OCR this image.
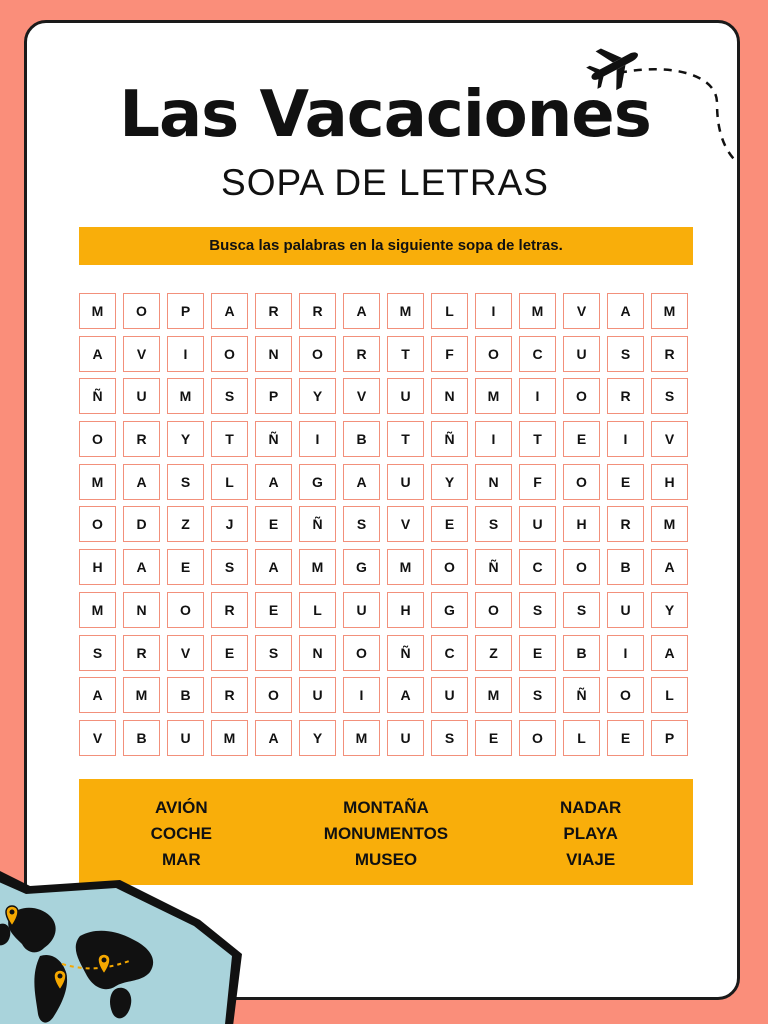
Las Vacaciones
SOPA DE LETRAS
Busca las palabras en la siguiente sopa de letras.
M	O	P	A	R	R	A	M	L	I	M	V	A	M
A	V	I	O	N	O	R	T	F	O	C	U	S	R
Ñ	U	M	S	P	Y	V	U	N	M	I	O	R	S
O	R	Y	T	Ñ	I	B	T	Ñ	I	T	E	I	V
M	A	S	L	A	G	A	U	Y	N	F	O	E	H
O	D	Z	J	E	Ñ	S	V	E	S	U	H	R	M
H	A	E	S	A	M	G	M	O	Ñ	C	O	B	A
M	N	O	R	E	L	U	H	G	O	S	S	U	Y
S	R	V	E	S	N	O	Ñ	C	Z	E	B	I	A
A	M	B	R	O	U	I	A	U	M	S	Ñ	O	L
V	B	U	M	A	Y	M	U	S	E	O	L	E	P
AVIÓN
COCHE
MAR
MONTAÑA
MONUMENTOS
MUSEO
NADAR
PLAYA
VIAJE
